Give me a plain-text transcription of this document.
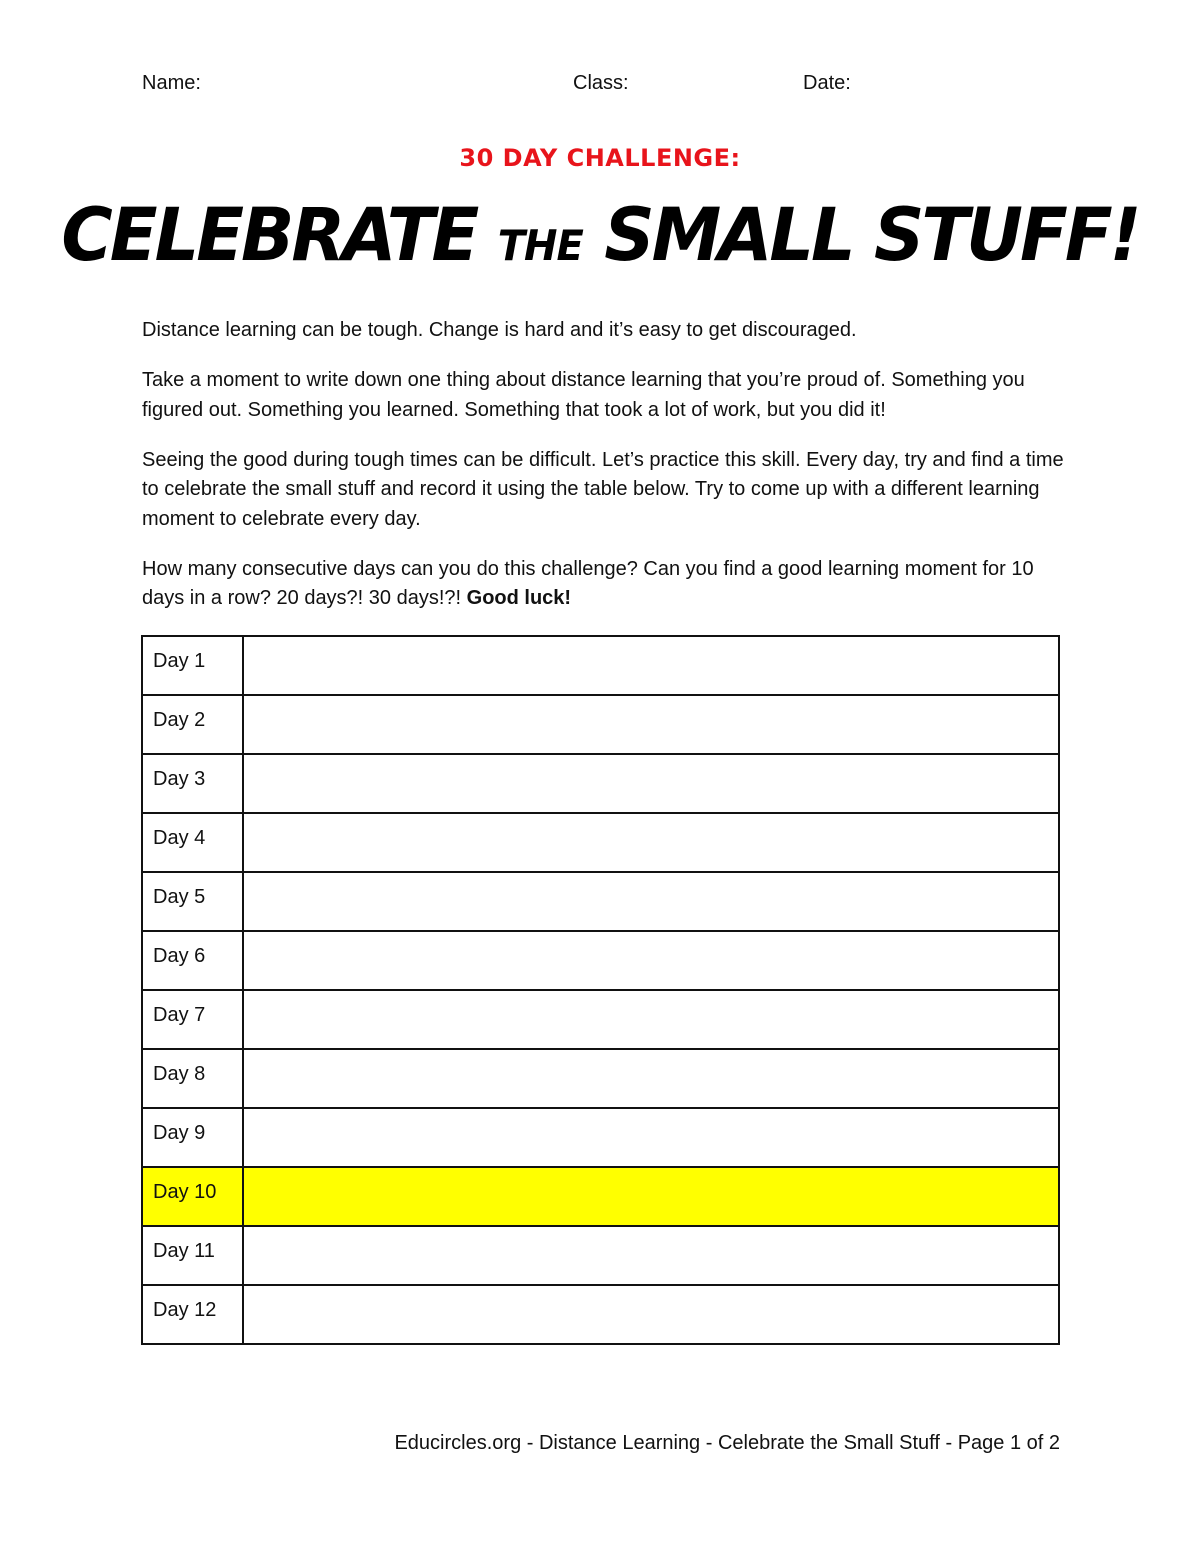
Name:	Class:	Date:
30 DAY CHALLENGE:
CELEBRATE THE SMALL STUFF!

Distance learning can be tough. Change is hard and it’s easy to get discouraged.

Take a moment to write down one thing about distance learning that you’re proud of. Something you figured out. Something you learned. Something that took a lot of work, but you did it!

Seeing the good during tough times can be difficult. Let’s practice this skill. Every day, try and find a time to celebrate the small stuff and record it using the table below. Try to come up with a different learning moment to celebrate every day.

How many consecutive days can you do this challenge? Can you find a good learning moment for 10 days in a row? 20 days?! 30 days!?! Good luck!

Day 1	
Day 2	
Day 3	
Day 4	
Day 5	
Day 6	
Day 7	
Day 8	
Day 9	
Day 10	
Day 11	
Day 12	
Educircles.org - Distance Learning - Celebrate the Small Stuff - Page 1 of 2
